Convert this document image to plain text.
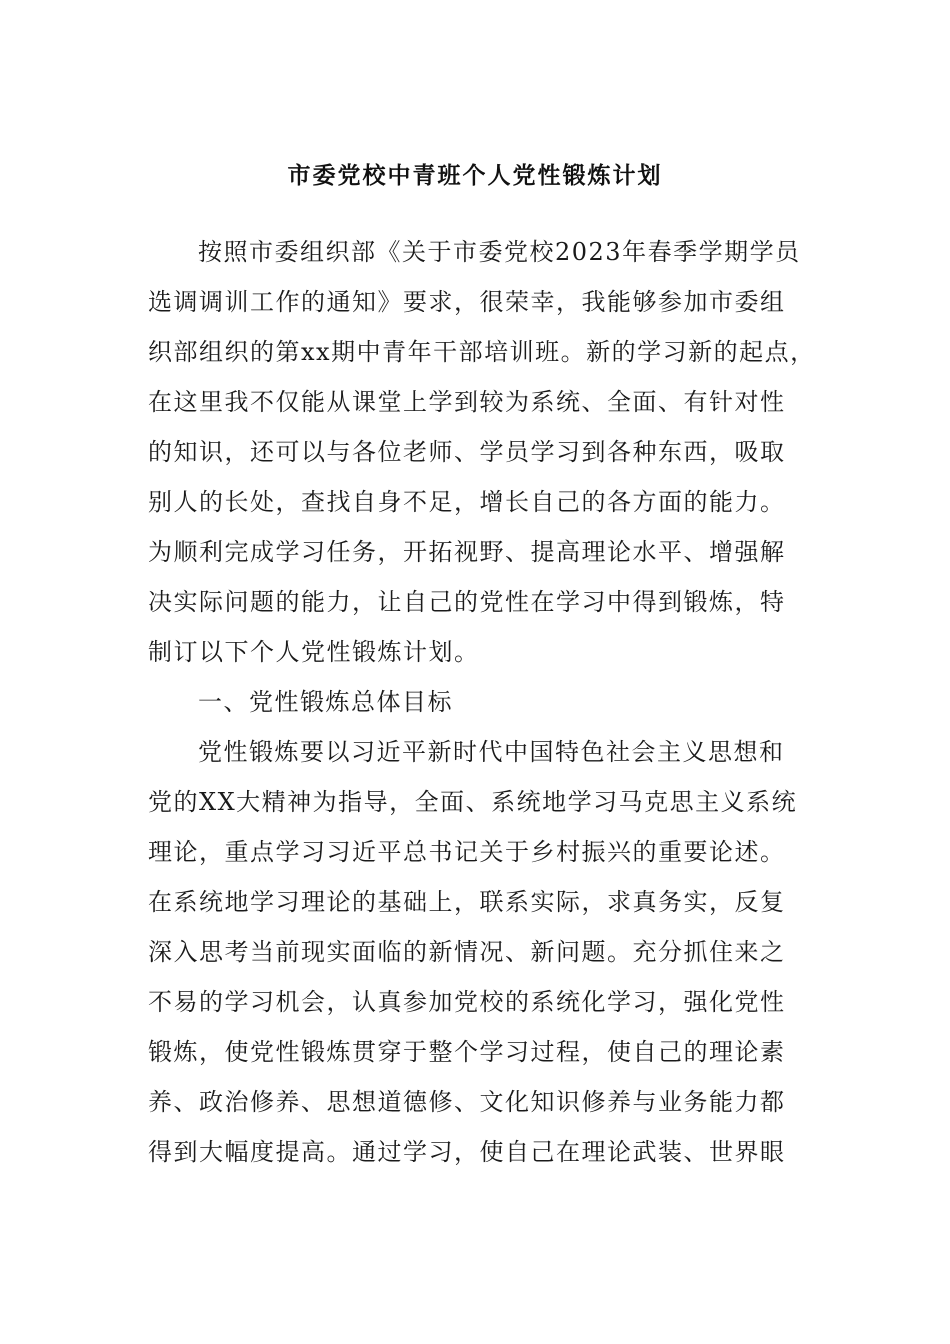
市委党校中青班个人党性锻炼计划

按照市委组织部《关于市委党校2023年春季学期学员

选调调训工作的通知》要求，很荣幸，我能够参加市委组

织部组织的第xx期中青年干部培训班。新的学习新的起点，

在这里我不仅能从课堂上学到较为系统、全面、有针对性

的知识，还可以与各位老师、学员学习到各种东西，吸取

别人的长处，查找自身不足，增长自己的各方面的能力。

为顺利完成学习任务，开拓视野、提高理论水平、增强解

决实际问题的能力，让自己的党性在学习中得到锻炼，特

制订以下个人党性锻炼计划。

一、党性锻炼总体目标

党性锻炼要以习近平新时代中国特色社会主义思想和

党的XX大精神为指导，全面、系统地学习马克思主义系统

理论，重点学习习近平总书记关于乡村振兴的重要论述。

在系统地学习理论的基础上，联系实际，求真务实，反复

深入思考当前现实面临的新情况、新问题。充分抓住来之

不易的学习机会，认真参加党校的系统化学习，强化党性

锻炼，使党性锻炼贯穿于整个学习过程，使自己的理论素

养、政治修养、思想道德修、文化知识修养与业务能力都

得到大幅度提高。通过学习，使自己在理论武装、世界眼
